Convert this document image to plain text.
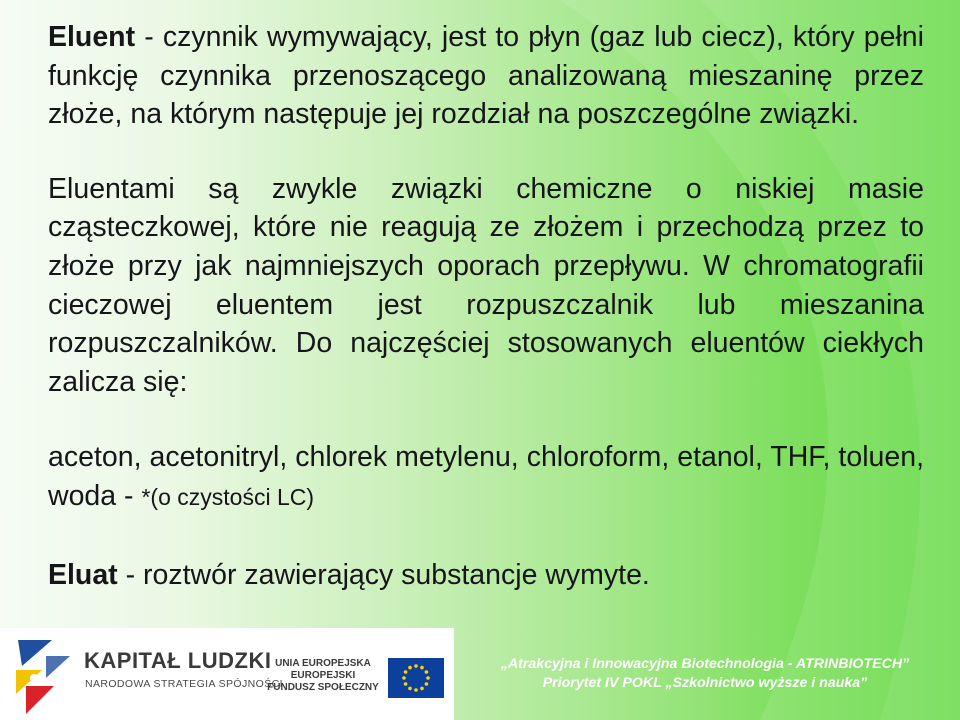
Eluent - czynnik wymywający, jest to płyn (gaz lub ciecz), który pełni funkcję czynnika przenoszącego analizowaną mieszaninę przez złoże, na którym następuje jej rozdział na poszczególne związki.

Eluentami są zwykle związki chemiczne o niskiej masie cząsteczkowej, które nie reagują ze złożem i przechodzą przez to złoże przy jak najmniejszych oporach przepływu. W chromatografii cieczowej eluentem jest rozpuszczalnik lub mieszanina rozpuszczalników. Do najczęściej stosowanych eluentów ciekłych zalicza się:

aceton, acetonitryl, chlorek metylenu, chloroform, etanol, THF, toluen, woda - *(o czystości LC)

Eluat - roztwór zawierający substancje wymyte.

KAPITAŁ LUDZKI
NARODOWA STRATEGIA SPÓJNOŚCI
UNIA EUROPEJSKA
EUROPEJSKI
FUNDUSZ SPOŁECZNY
„Atrakcyjna i Innowacyjna Biotechnologia - ATRINBIOTECH”
Priorytet IV POKL „Szkolnictwo wyższe i nauka”
